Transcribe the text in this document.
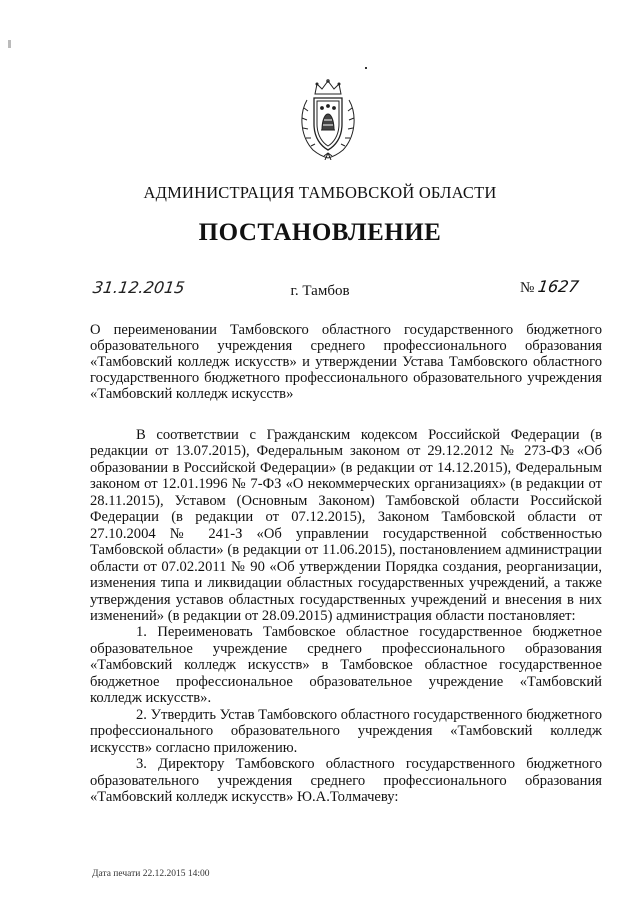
АДМИНИСТРАЦИЯ ТАМБОВСКОЙ ОБЛАСТИ
ПОСТАНОВЛЕНИЕ
31.12.2015	г. Тамбов	№ 1627
О переименовании Тамбовского областного государственного бюджетного образовательного учреждения среднего профессионального образования «Тамбовский колледж искусств» и утверждении Устава Тамбовского областного государственного бюджетного профессионального образовательного учреждения «Тамбовский колледж искусств»

В соответствии с Гражданским кодексом Российской Федерации (в редакции от 13.07.2015), Федеральным законом от 29.12.2012 № 273-ФЗ «Об образовании в Российской Федерации» (в редакции от 14.12.2015), Федеральным законом от 12.01.1996 № 7-ФЗ «О некоммерческих организациях» (в редакции от 28.11.2015), Уставом (Основным Законом) Тамбовской области Российской Федерации (в редакции от 07.12.2015), Законом Тамбовской области от 27.10.2004 № 241-З «Об управлении государственной собственностью Тамбовской области» (в редакции от 11.06.2015), постановлением администрации области от 07.02.2011 № 90 «Об утверждении Порядка создания, реорганизации, изменения типа и ликвидации областных государственных учреждений, а также утверждения уставов областных государственных учреждений и внесения в них изменений» (в редакции от 28.09.2015) администрация области постановляет:

1. Переименовать Тамбовское областное государственное бюджетное образовательное учреждение среднего профессионального образования «Тамбовский колледж искусств» в Тамбовское областное государственное бюджетное профессиональное образовательное учреждение «Тамбовский колледж искусств».

2. Утвердить Устав Тамбовского областного государственного бюджетного профессионального образовательного учреждения «Тамбовский колледж искусств» согласно приложению.

3. Директору Тамбовского областного государственного бюджетного образовательного учреждения среднего профессионального образования «Тамбовский колледж искусств» Ю.А.Толмачеву:

Дата печати 22.12.2015 14:00
